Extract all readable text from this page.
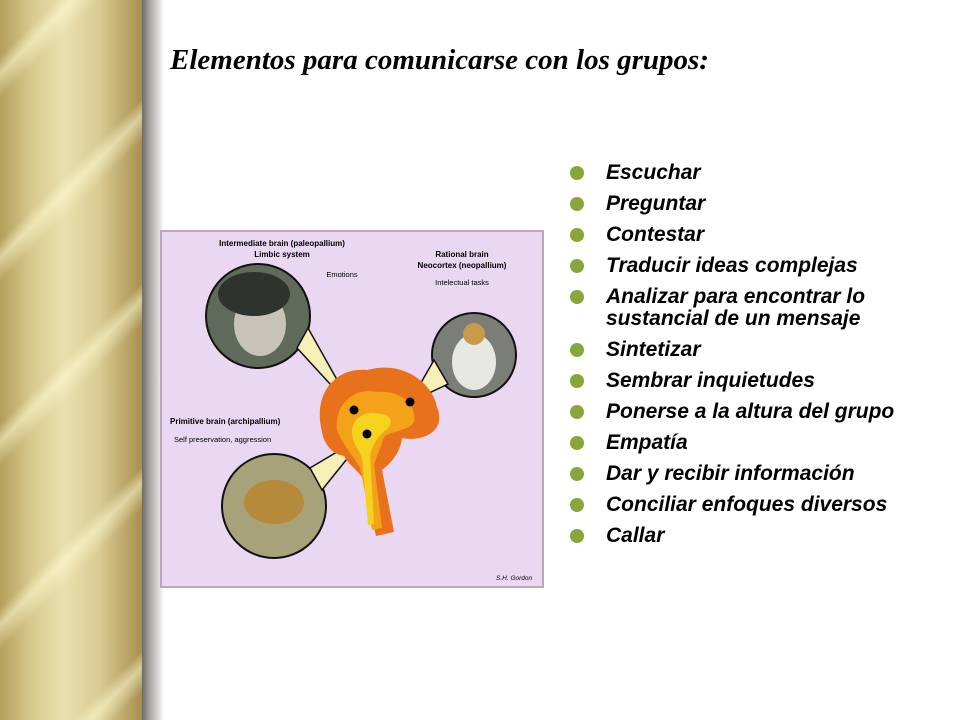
Elementos para comunicarse con los grupos:
Intermediate brain (paleopallium)
Limbic system
Emotions
Rational brain
Neocortex (neopallium)
Intelectual tasks
Primitive brain (archipallium)
Self preservation, aggression
S.H. Gordon
Escuchar
Preguntar
Contestar
Traducir ideas complejas
Analizar para encontrar lo sustancial de un mensaje
Sintetizar
Sembrar inquietudes
Ponerse a la altura del grupo
Empatía
Dar y recibir información
Conciliar enfoques diversos
Callar
